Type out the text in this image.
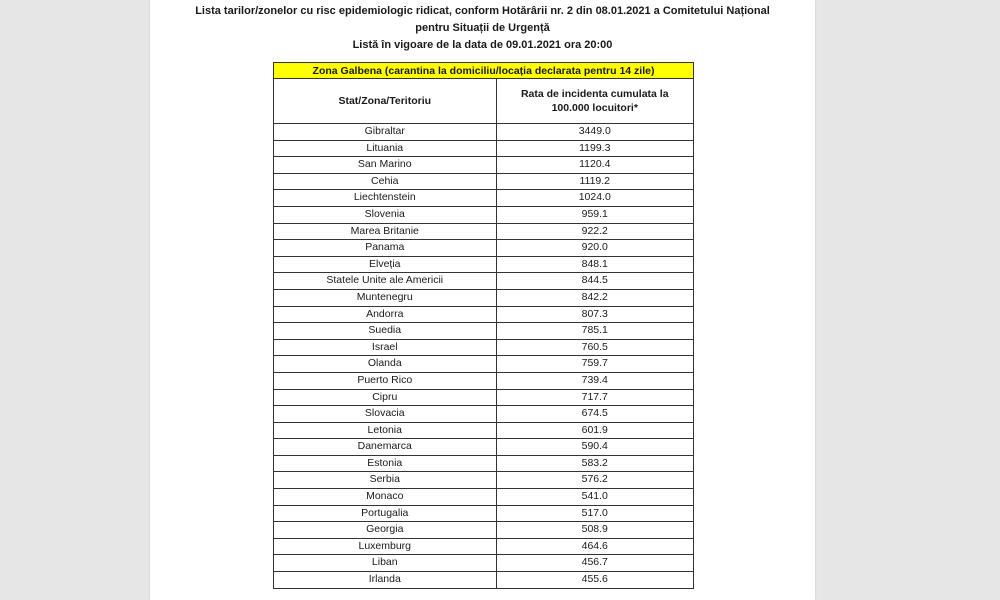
Lista tarilor/zonelor cu risc epidemiologic ridicat, conform Hotărârii nr. 2 din 08.01.2021 a Comitetului Național
pentru Situații de Urgență
Listă în vigoare de la data de 09.01.2021 ora 20:00
Zona Galbena (carantina la domiciliu/locația declarata pentru 14 zile)	
Stat/Zona/Teritoriu	Rata de incidenta cumulata la
100.000 locuitori*

Gibraltar	3449.0
Lituania	1199.3
San Marino	1120.4
Cehia	1119.2
Liechtenstein	1024.0
Slovenia	959.1
Marea Britanie	922.2
Panama	920.0
Elveția	848.1
Statele Unite ale Americii	844.5
Muntenegru	842.2
Andorra	807.3
Suedia	785.1
Israel	760.5
Olanda	759.7
Puerto Rico	739.4
Cipru	717.7
Slovacia	674.5
Letonia	601.9
Danemarca	590.4
Estonia	583.2
Serbia	576.2
Monaco	541.0
Portugalia	517.0
Georgia	508.9
Luxemburg	464.6
Liban	456.7
Irlanda	455.6
